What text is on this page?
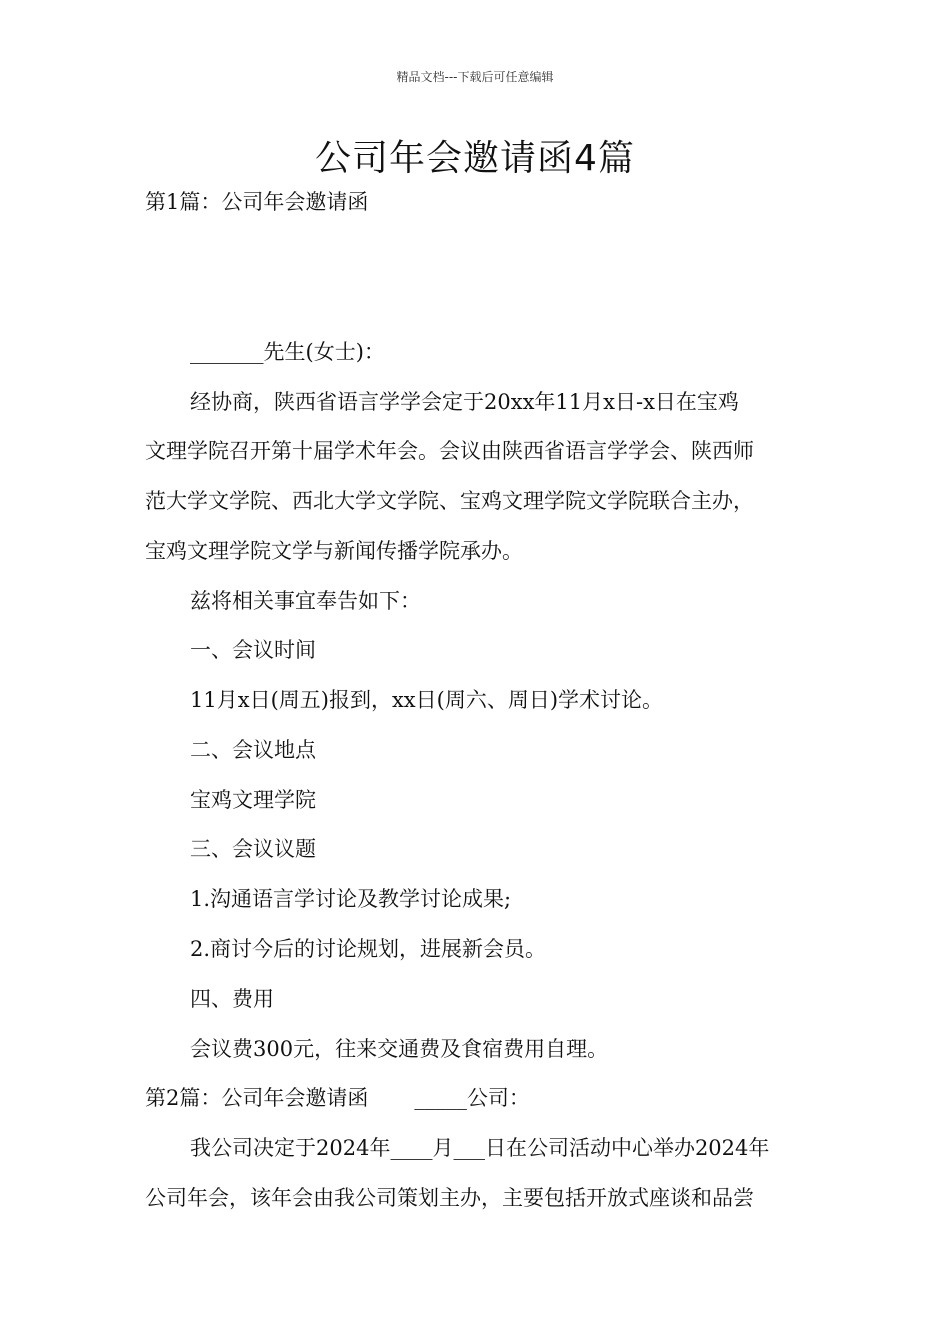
精品文档---下载后可任意编辑
公司年会邀请函4篇
第1篇：公司年会邀请函
_______先生(女士)：
经协商，陕西省语言学学会定于20xx年11月x日-x日在宝鸡
文理学院召开第十届学术年会。会议由陕西省语言学学会、陕西师
范大学文学院、西北大学文学院、宝鸡文理学院文学院联合主办，
宝鸡文理学院文学与新闻传播学院承办。
兹将相关事宜奉告如下：
一、会议时间
11月x日(周五)报到，xx日(周六、周日)学术讨论。
二、会议地点
宝鸡文理学院
三、会议议题
1.沟通语言学讨论及教学讨论成果;
2.商讨今后的讨论规划，进展新会员。
四、费用
会议费300元，往来交通费及食宿费用自理。
第2篇：公司年会邀请函 _____公司：
我公司决定于2024年____月___日在公司活动中心举办2024年
公司年会，该年会由我公司策划主办，主要包括开放式座谈和品尝
